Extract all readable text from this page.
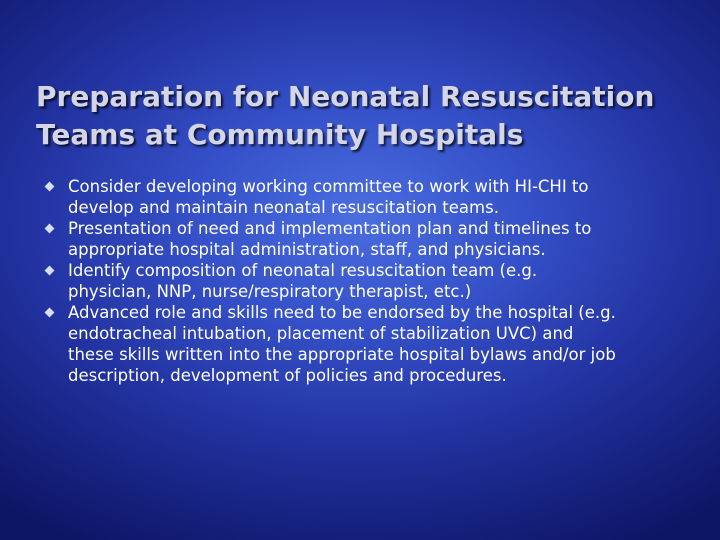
Preparation for Neonatal Resuscitation
Teams at Community Hospitals
Consider developing working committee to work with HI-CHI to
develop and maintain neonatal resuscitation teams.
Presentation of need and implementation plan and timelines to
appropriate hospital administration, staff, and physicians.
Identify composition of neonatal resuscitation team (e.g.
physician, NNP, nurse/respiratory therapist, etc.)
Advanced role and skills need to be endorsed by the hospital (e.g.
endotracheal intubation, placement of stabilization UVC) and
these skills written into the appropriate hospital bylaws and/or job
description, development of policies and procedures.
